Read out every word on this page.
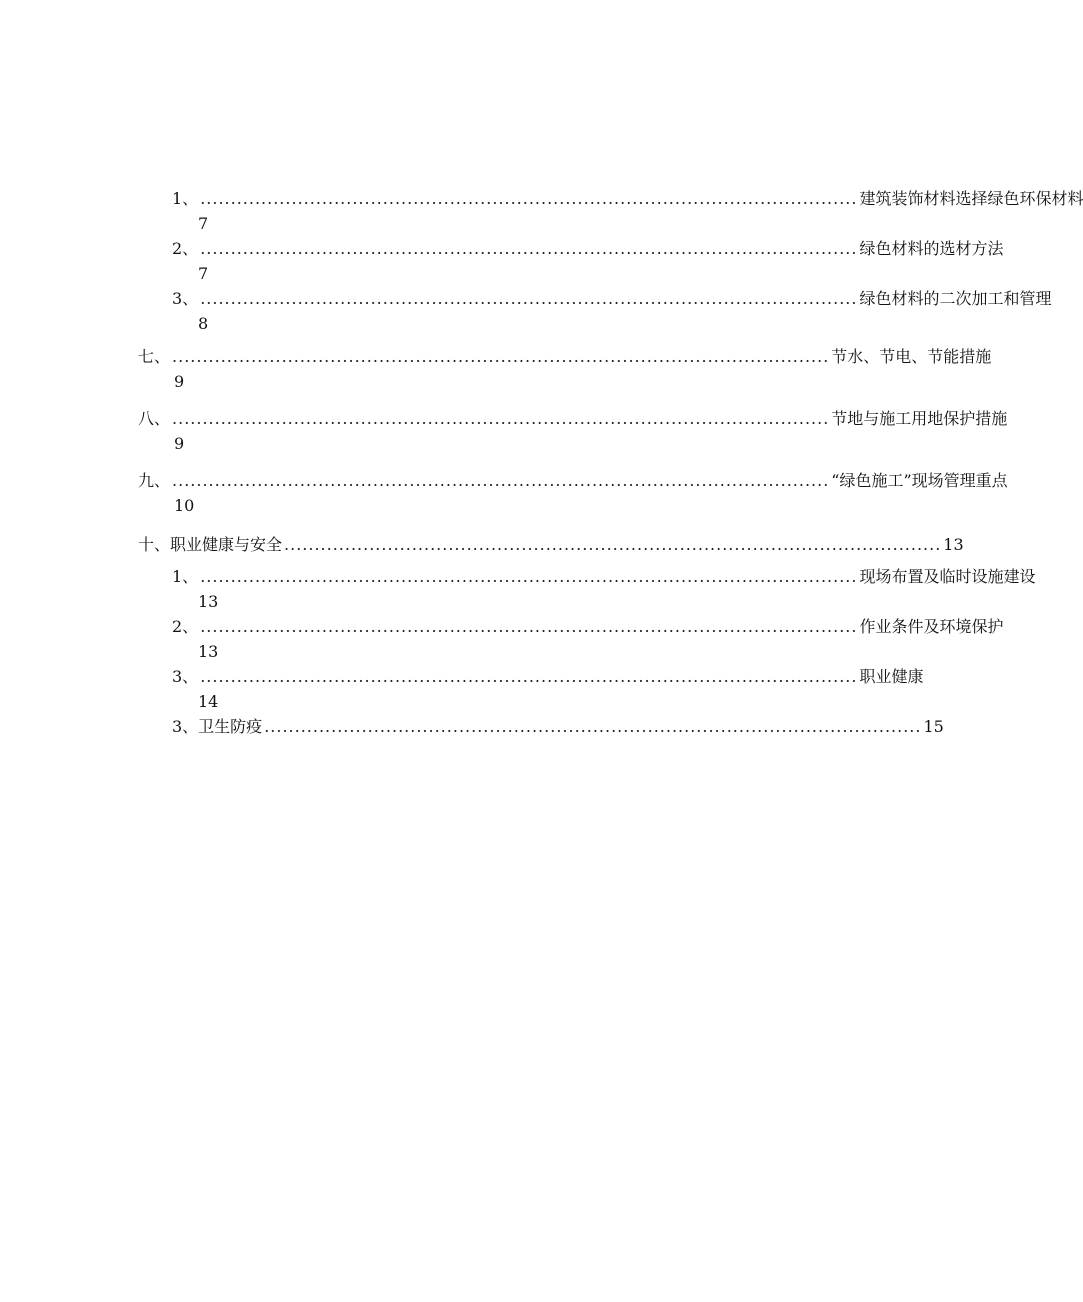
1、 ............................................................................................................ 建筑装饰材料选择绿色环保材料
7
2、 ............................................................................................................ 绿色材料的选材方法
7
3、 ............................................................................................................ 绿色材料的二次加工和管理
8
七、 ............................................................................................................ 节水、节电、节能措施
9
八、 ............................................................................................................ 节地与施工用地保护措施
9
九、 ............................................................................................................ “绿色施工”现场管理重点
10
十、职业健康与安全 ............................................................................................................ 13
1、 ............................................................................................................ 现场布置及临时设施建设
13
2、 ............................................................................................................ 作业条件及环境保护
13
3、 ............................................................................................................ 职业健康
14
3、卫生防疫 ............................................................................................................ 15
